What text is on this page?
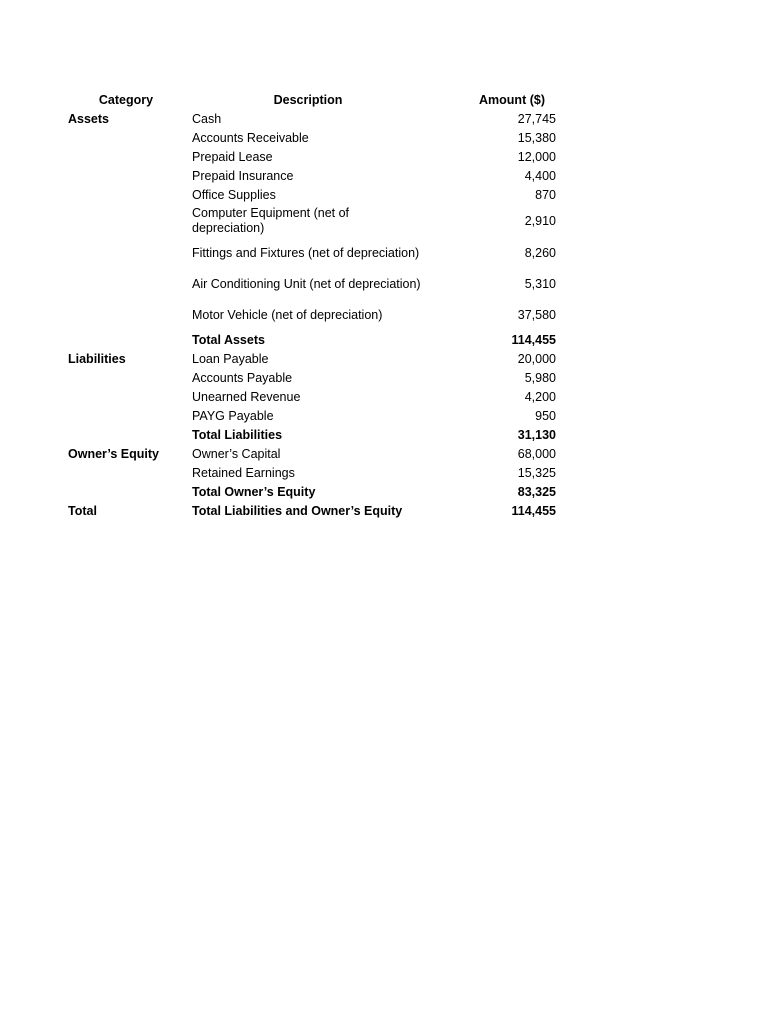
Category	Description	Amount ($)
Assets	Cash	27,745
	Accounts Receivable	15,380
	Prepaid Lease	12,000
	Prepaid Insurance	4,400
	Office Supplies	870
	Computer Equipment (net of depreciation)	2,910
	Fittings and Fixtures (net of depreciation)	8,260
	Air Conditioning Unit (net of depreciation)	5,310
	Motor Vehicle (net of depreciation)	37,580
	Total Assets	114,455
Liabilities	Loan Payable	20,000
	Accounts Payable	5,980
	Unearned Revenue	4,200
	PAYG Payable	950
	Total Liabilities	31,130
Owner’s Equity	Owner’s Capital	68,000
	Retained Earnings	15,325
	Total Owner’s Equity	83,325
Total	Total Liabilities and Owner’s Equity	114,455
